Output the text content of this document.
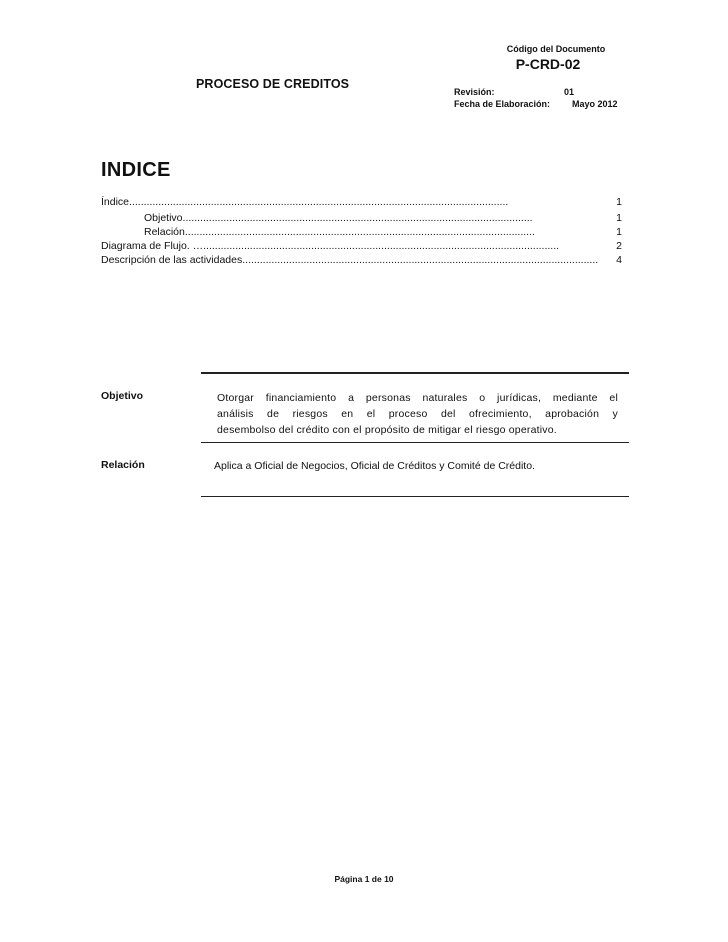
Código del Documento
P-CRD-02
PROCESO DE CREDITOS
Revisión:	01
Fecha de Elaboración: Mayo 2012
INDICE
Índice..................................................................................................................................	1
Objetivo........................................................................................................................	1
Relación........................................................................................................................	1
Diagrama de Flujo. …..........................................................................................................................	2
Descripción de las actividades..........................................................................................................................	4
Objetivo	Otorgar financiamiento a personas naturales o jurídicas, mediante el
análisis de riesgos en el proceso del ofrecimiento, aprobación y
desembolso del crédito con el propósito de mitigar el riesgo operativo.
Relación	Aplica a Oficial de Negocios, Oficial de Créditos y Comité de Crédito.
Página 1 de 10
